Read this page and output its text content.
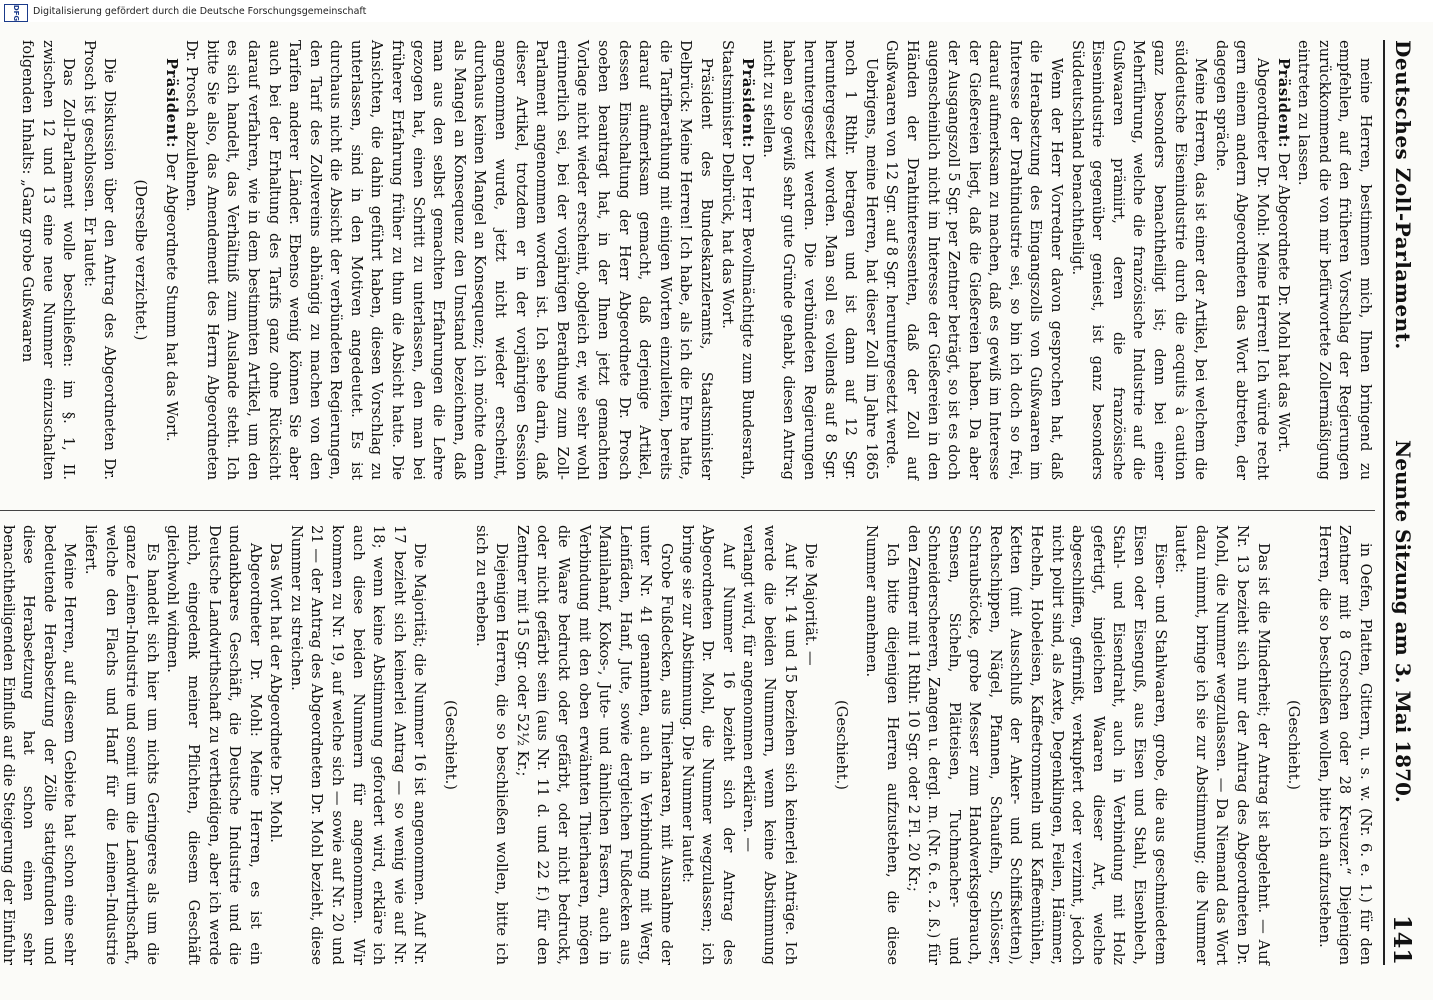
Digitalisierung gefördert durch die Deutsche Forschungsgemeinschaft
DFG
Deutsches Zoll-Parlament.
Neunte Sitzung am 3. Mai 1870.
141

meine Herren, bestimmen mich, Ihnen bringend zu empfehlen, auf den früheren Vorschlag der Regierungen zurückkommend die von mir befürwortete Zollermäßigung eintreten zu lassen.

Präsident: Der Abgeordnete Dr. Mohl hat das Wort.

Abgeordneter Dr. Mohl: Meine Herren! Ich würde recht gern einem andern Abgeordneten das Wort abtreten, der dagegen spräche.

Meine Herren, das ist einer der Artikel, bei welchem die süddeutsche Eisenindustrie durch die acquits à caution ganz besonders benachtheiligt ist; denn bei einer Mehrführung, welche die französische Industrie auf die Gußwaaren prämiirt, deren die französische Eisenindustrie gegenüber geniest, ist ganz besonders Süddeutschland benachtheiligt.

Wenn der Herr Vorredner davon gesprochen hat, daß die Herabsetzung des Eingangszolls von Gußwaaren im Interesse der Drahtindustrie sei, so bin ich doch so frei, darauf aufmerksam zu machen, daß es gewiß im Interesse der Gießereien liegt, daß die Gießereien haben. Da aber der Ausgangszoll 5 Sgr. per Zentner beträgt, so ist es doch augenscheinlich nicht im Interesse der Gießereien in den Händen der Drahtinteressenten, daß der Zoll auf Gußwaaren von 12 Sgr. auf 8 Sgr. heruntergesetzt werde.

Uebrigens, meine Herren, hat dieser Zoll im Jahre 1865 noch 1 Rthlr. betragen und ist dann auf 12 Sgr. heruntergesetzt worden. Man soll es vollends auf 8 Sgr. heruntergesetzt werden. Die verbündeten Regierungen haben also gewiß sehr gute Gründe gehabt, diesen Antrag nicht zu stellen.

Präsident: Der Herr Bevollmächtigte zum Bundesrath, Staatsminister Delbrück, hat das Wort.

Präsident des Bundeskanzleramts, Staatsminister Delbrück: Meine Herren! Ich habe, als ich die Ehre hatte, die Tarifberathung mit einigen Worten einzuleiten, bereits darauf aufmerksam gemacht, daß derjenige Artikel, dessen Einschaltung der Herr Abgeordnete Dr. Prosch soeben beantragt hat, in der Ihnen jetzt gemachten Vorlage nicht wieder erscheint, obgleich er, wie sehr wohl erinnerlich sei, bei der vorjährigen Berathung zum Zoll-Parlament angenommen worden ist. Ich sehe darin, daß dieser Artikel, trotzdem er in der vorjährigen Session angenommen wurde, jetzt nicht wieder erscheint, durchaus keinen Mangel an Konsequenz; ich möchte denn als Mangel an Konsequenz den Umstand bezeichnen, daß man aus den selbst gemachten Erfahrungen die Lehre gezogen hat, einen Schritt zu unterlassen, den man bei früherer Erfahrung früher zu thun die Absicht hatte. Die Ansichten, die dahin geführt haben, diesen Vorschlag zu unterlassen, sind in den Motiven angedeutet. Es ist durchaus nicht die Absicht der verbündeten Regierungen, den Tarif des Zollvereins abhängig zu machen von den Tarifen anderer Länder. Ebenso wenig können Sie aber auch bei der Erhaltung des Tarifs ganz ohne Rücksicht darauf verfahren, wie in dem bestimmten Artikel, um den es sich handelt, das Verhältniß zum Auslande steht. Ich bitte Sie also, das Amendement des Herrn Abgeordneten Dr. Prosch abzulehnen.

Präsident: Der Abgeordnete Stumm hat das Wort.

(Derselbe verzichtet.)

Die Diskussion über den Antrag des Abgeordneten Dr. Prosch ist geschlossen. Er lautet:

Das Zoll-Parlament wolle beschließen: im §. 1, II. zwischen 12 und 13 eine neue Nummer einzuschalten folgenden Inhalts: „Ganz grobe Gußwaaren

in Oefen, Platten, Gittern, u. s. w. (Nr. 6. e. 1.) für den Zentner mit 8 Groschen oder 28 Kreuzer.“ Diejenigen Herren, die so beschließen wollen, bitte ich aufzustehen.

(Geschieht.)

Das ist die Minderheit; der Antrag ist abgelehnt. — Auf Nr. 13 bezieht sich nur der Antrag des Abgeordneten Dr. Mohl, die Nummer wegzulassen. — Da Niemand das Wort dazu nimmt, bringe ich sie zur Abstimmung; die Nummer lautet:

Eisen- und Stahlwaaren, grobe, die aus geschmiedetem Eisen oder Eisenguß, aus Eisen und Stahl, Eisenblech, Stahl- und Eisendraht, auch in Verbindung mit Holz gefertigt, ingleichen Waaren dieser Art, welche abgeschliffen, gefirnißt, verkupfert oder verzinnt, jedoch nicht polirt sind, als Aexte, Degenklingen, Feilen, Hämmer, Hecheln, Hobeleisen, Kaffeetrommeln und Kaffeemühlen, Ketten (mit Ausschluß der Anker- und Schiffsketten), Rechschippen, Nägel, Pfannen, Schaufeln, Schlösser, Schraubstöcke, grobe Messer zum Handwerksgebrauch, Sensen, Sicheln, Plätteisen, Tuchmacher- und Schneiderscheeren, Zangen u. dergl. m. (Nr. 6. e. 2. ß.) für den Zentner mit 1 Rthlr. 10 Sgr. oder 2 Fl. 20 Kr.;

Ich bitte diejenigen Herren aufzustehen, die diese Nummer annehmen.

(Geschieht.)

Die Majorität. —

Auf Nr. 14 und 15 beziehen sich keinerlei Anträge. Ich werde die beiden Nummern, wenn keine Abstimmung verlangt wird, für angenommen erklären. —

Auf Nummer 16 bezieht sich der Antrag des Abgeordneten Dr. Mohl, die Nummer wegzulassen; ich bringe sie zur Abstimmung. Die Nummer lautet:

Grobe Fußdecken, aus Thierhaaren, mit Ausnahme der unter Nr. 41 genannten, auch in Verbindung mit Werg, Leinfäden, Hanf, Jute, sowie dergleichen Fußdecken aus Manilahanf, Kokos-, Jute- und ähnlichen Fasern, auch in Verbindung mit den oben erwähnten Thierhaaren, mögen die Waare bedruckt oder gefärbt, oder nicht bedruckt, oder nicht gefärbt sein (aus Nr. 11 d. und 22 f.) für den Zentner mit 15 Sgr. oder 52½ Kr.;

Diejenigen Herren, die so beschließen wollen, bitte ich sich zu erheben.

(Geschieht.)

Die Majorität; die Nummer 16 ist angenommen. Auf Nr. 17 bezieht sich keinerlei Antrag — so wenig wie auf Nr. 18; wenn keine Abstimmung gefordert wird, erkläre ich auch diese beiden Nummern für angenommen. Wir kommen zu Nr. 19, auf welche sich — sowie auf Nr. 20 und 21 — der Antrag des Abgeordneten Dr. Mohl bezieht, diese Nummer zu streichen.

Das Wort hat der Abgeordnete Dr. Mohl.

Abgeordneter Dr. Mohl: Meine Herren, es ist ein undankbares Geschäft, die Deutsche Industrie und die Deutsche Landwirthschaft zu vertheidigen, aber ich werde mich, eingedenk meiner Pflichten, diesem Geschäft gleichwohl widmen.

Es handelt sich hier um nichts Geringeres als um die ganze Leinen-Industrie und somit um die Landwirthschaft, welche den Flachs und Hanf für die Leinen-Industrie liefert.

Meine Herren, auf diesem Gebiete hat schon eine sehr bedeutende Herabsetzung der Zölle stattgefunden und diese Herabsetzung hat schon einen sehr benachtheiligenden Einfluß auf die Steigerung der Einfuhr
